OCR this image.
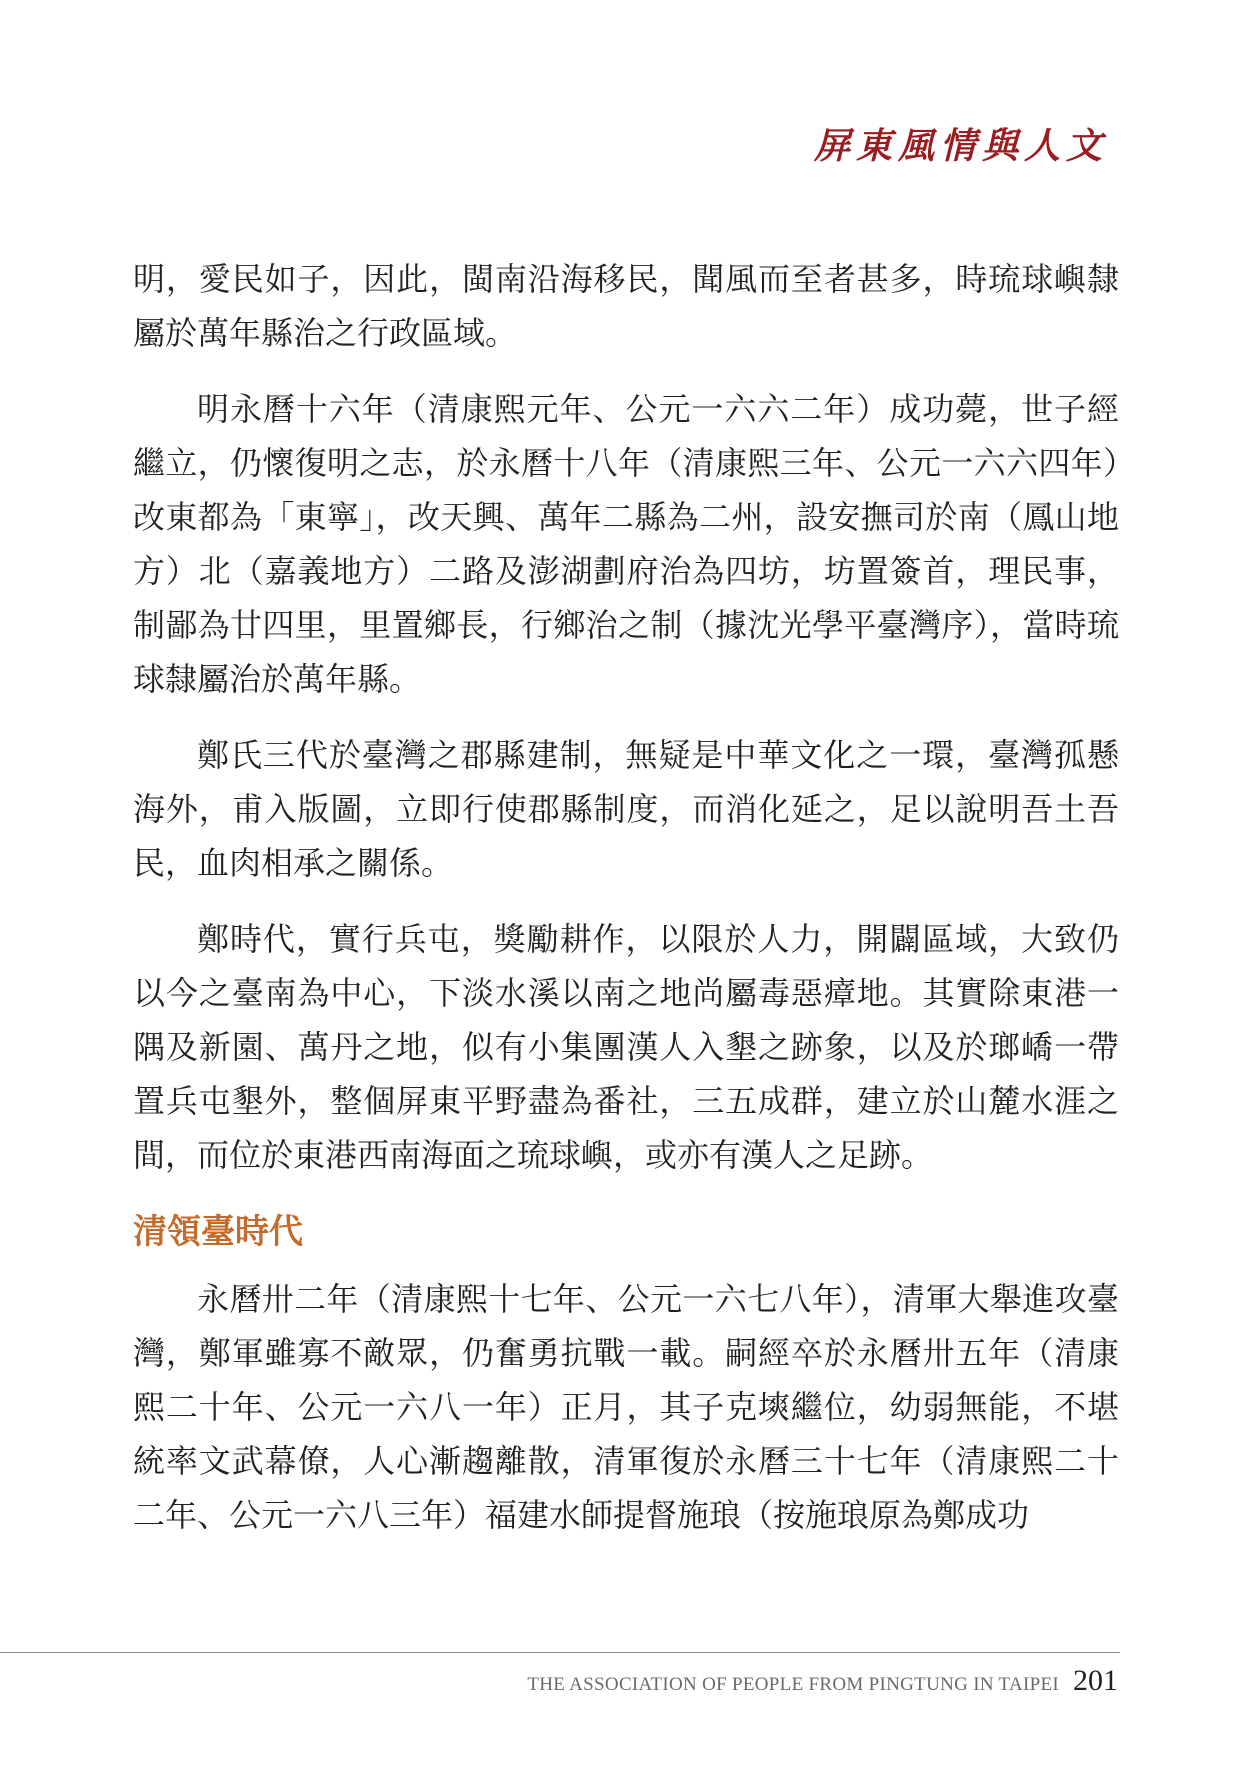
屏東風情與人文

明，愛民如子，因此，閩南沿海移民，聞風而至者甚多，時琉球嶼隸屬於萬年縣治之行政區域。

明永曆十六年（清康熙元年、公元一六六二年）成功薨，世子經繼立，仍懷復明之志，於永曆十八年（清康熙三年、公元一六六四年）改東都為「東寧」，改天興、萬年二縣為二州，設安撫司於南（鳳山地方）北（嘉義地方）二路及澎湖劃府治為四坊，坊置簽首，理民事，制鄙為廿四里，里置鄉長，行鄉治之制（據沈光學平臺灣序），當時琉球隸屬治於萬年縣。

鄭氏三代於臺灣之郡縣建制，無疑是中華文化之一環，臺灣孤懸海外，甫入版圖，立即行使郡縣制度，而消化延之，足以說明吾土吾民，血肉相承之關係。

鄭時代，實行兵屯，獎勵耕作，以限於人力，開闢區域，大致仍以今之臺南為中心，下淡水溪以南之地尚屬毒惡瘴地。其實除東港一隅及新園、萬丹之地，似有小集團漢人入墾之跡象，以及於瑯嶠一帶置兵屯墾外，整個屏東平野盡為番社，三五成群，建立於山麓水涯之間，而位於東港西南海面之琉球嶼，或亦有漢人之足跡。

清領臺時代

永曆卅二年（清康熙十七年、公元一六七八年），清軍大舉進攻臺灣，鄭軍雖寡不敵眾，仍奮勇抗戰一載。嗣經卒於永曆卅五年（清康熙二十年、公元一六八一年）正月，其子克塽繼位，幼弱無能，不堪統率文武幕僚，人心漸趨離散，清軍復於永曆三十七年（清康熙二十二年、公元一六八三年）福建水師提督施琅（按施琅原為鄭成功

THE ASSOCIATION OF PEOPLE FROM PINGTUNG IN TAIPEI 201
